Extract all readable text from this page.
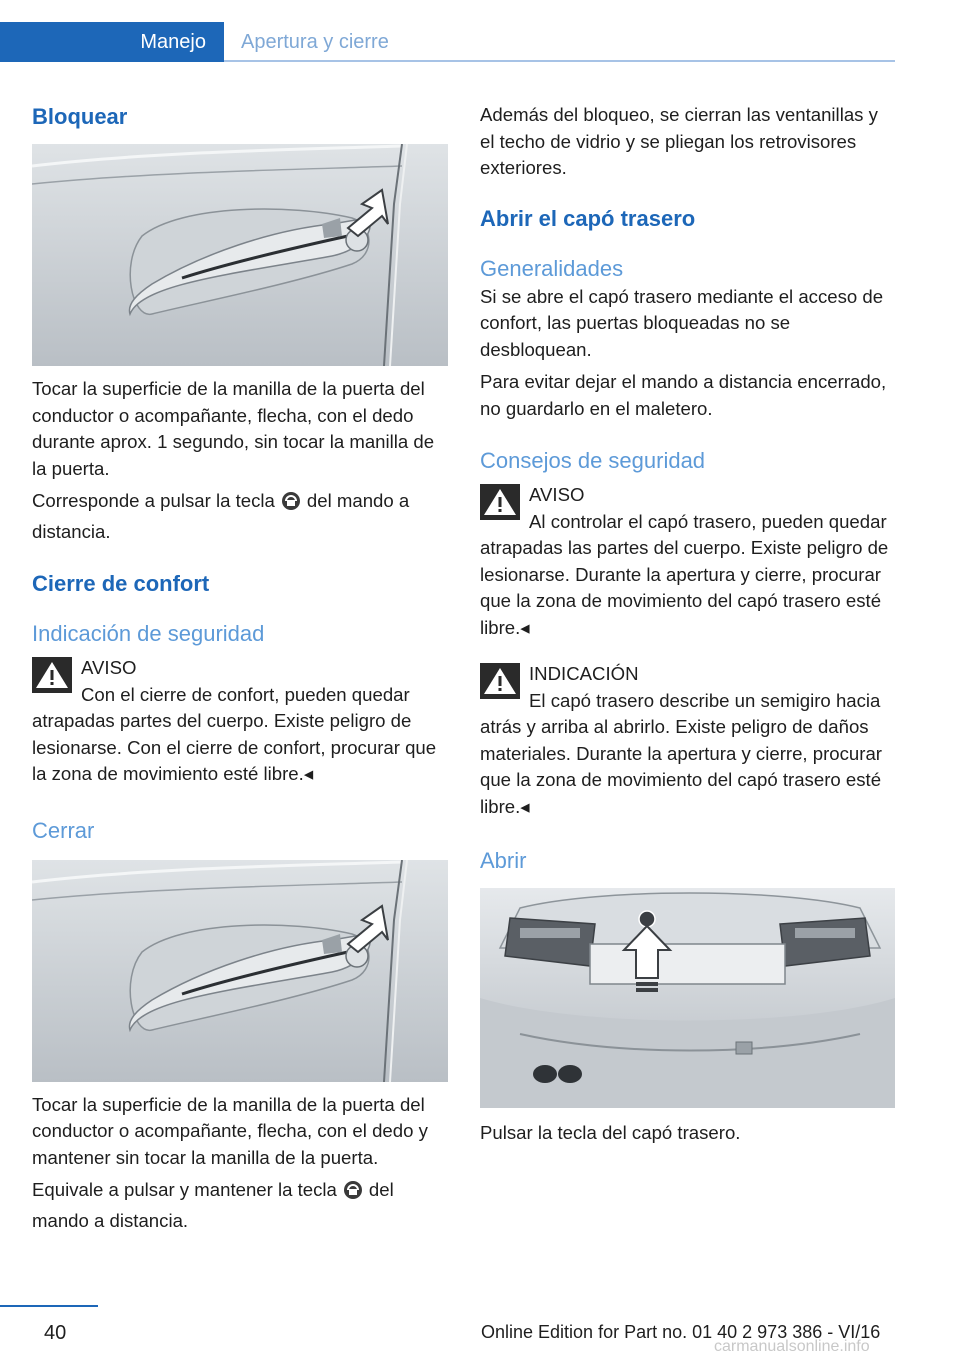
Manejo Apertura y cierre
Bloquear

Tocar la superficie de la manilla de la puerta del conductor o acompañante, flecha, con el dedo durante aprox. 1 segundo, sin tocar la manilla de la puerta.

Corresponde a pulsar la tecla del mando a distancia.

Cierre de confort
Indicación de seguridad
AVISO

Con el cierre de confort, pueden quedar atrapadas partes del cuerpo. Existe peligro de lesionarse. Con el cierre de confort, procurar que la zona de movimiento esté libre.◂

Cerrar

Tocar la superficie de la manilla de la puerta del conductor o acompañante, flecha, con el dedo y mantener sin tocar la manilla de la puerta.

Equivale a pulsar y mantener la tecla del mando a distancia.

Además del bloqueo, se cierran las ventanillas y el techo de vidrio y se pliegan los retrovisores exteriores.

Abrir el capó trasero
Generalidades

Si se abre el capó trasero mediante el acceso de confort, las puertas bloqueadas no se desbloquean.

Para evitar dejar el mando a distancia encerrado, no guardarlo en el maletero.

Consejos de seguridad
AVISO

Al controlar el capó trasero, pueden quedar atrapadas las partes del cuerpo. Existe peligro de lesionarse. Durante la apertura y cierre, procurar que la zona de movimiento del capó trasero esté libre.◂

INDICACIÓN

El capó trasero describe un semigiro hacia atrás y arriba al abrirlo. Existe peligro de daños materiales. Durante la apertura y cierre, procurar que la zona de movimiento del capó trasero esté libre.◂

Abrir

Pulsar la tecla del capó trasero.

40	Online Edition for Part no. 01 40 2 973 386 - VI/16
carmanualsonline.info
